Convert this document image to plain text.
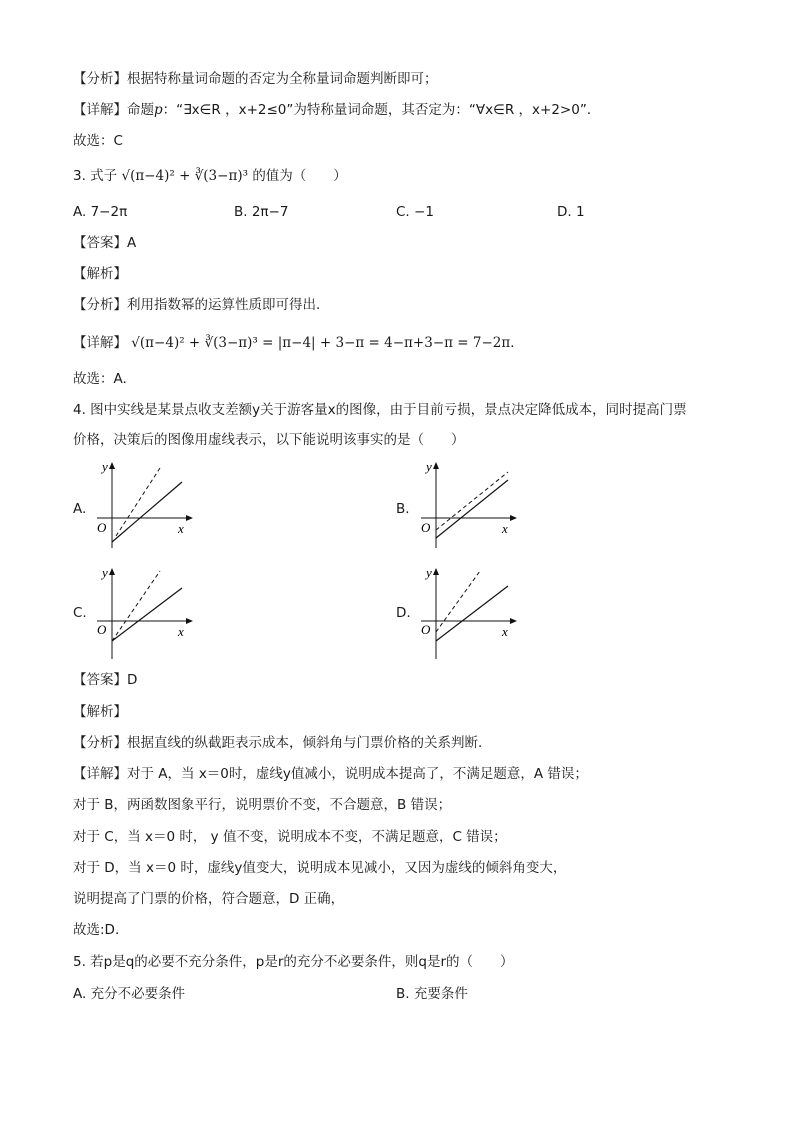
【分析】根据特称量词命题的否定为全称量词命题判断即可；
【详解】命题p：“∃x∈R ，x+2≤0”为特称量词命题，其否定为：“∀x∈R ，x+2>0”．
故选：C
3. 式子 √(π−4)² + ∛(3−π)³ 的值为（　　）
A. 7−2π	B. 2π−7	C. −1	D. 1
【答案】A
【解析】
【分析】利用指数幂的运算性质即可得出.
【详解】 √(π−4)² + ∛(3−π)³ = |π−4| + 3−π = 4−π+3−π = 7−2π．
故选：A.
4. 图中实线是某景点收支差额y关于游客量x的图像，由于目前亏损，景点决定降低成本，同时提高门票
价格，决策后的图像用虚线表示，以下能说明该事实的是（　　）
A.	B.
C.	D.
y
O	x
y
O	x
y
O	x
y
O	x
【答案】D
【解析】
【分析】根据直线的纵截距表示成本，倾斜角与门票价格的关系判断.
【详解】对于 A，当 x＝0时，虚线y值减小，说明成本提高了，不满足题意，A 错误；
对于 B，两函数图象平行，说明票价不变，不合题意，B 错误；
对于 C，当 x＝0 时， y 值不变，说明成本不变，不满足题意，C 错误；
对于 D，当 x＝0 时，虚线y值变大，说明成本见减小，又因为虚线的倾斜角变大，
说明提高了门票的价格，符合题意，D 正确，
故选:D.
5. 若p是q的必要不充分条件，p是r的充分不必要条件，则q是r的（　　）
A. 充分不必要条件	B. 充要条件
